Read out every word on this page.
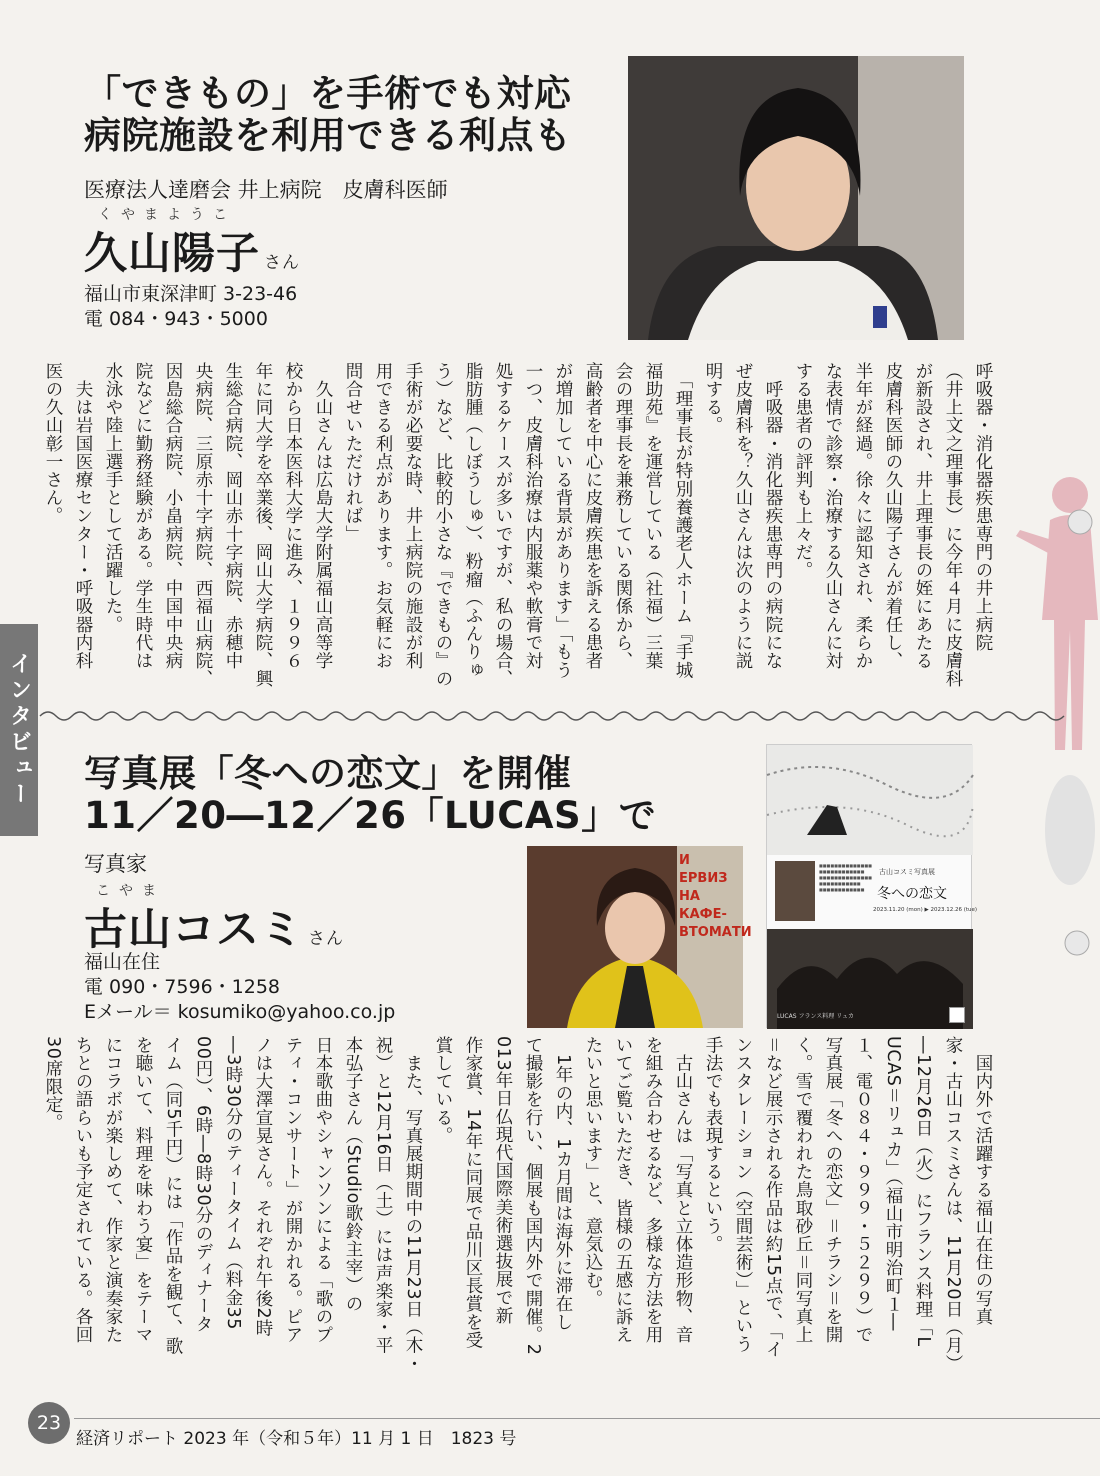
インタビュー
「できもの」を手術でも対応
病院施設を利用できる利点も
医療法人達磨会 井上病院　皮膚科医師
くやまようこ
久山陽子 さん
福山市東深津町 3-23-46
電 084・943・5000
呼吸器・消化器疾患専門の井上病院
（井上文之理事長）に今年４月に皮膚科
が新設され、井上理事長の姪にあたる
皮膚科医師の久山陽子さんが着任し、
半年が経過。徐々に認知され、柔らか
な表情で診察・治療する久山さんに対
する患者の評判も上々だ。
　呼吸器・消化器疾患専門の病院にな
ぜ皮膚科を？久山さんは次のように説
明する。
　「理事長が特別養護老人ホーム『手城
福助苑』を運営している（社福）三葉
会の理事長を兼務している関係から、
高齢者を中心に皮膚疾患を訴える患者
が増加している背景があります」「もう
一つ、皮膚科治療は内服薬や軟膏で対
処するケースが多いですが、私の場合、
脂肪腫（しぼうしゅ）、粉瘤（ふんりゅ
う）など、比較的小さな『できもの』の
手術が必要な時、井上病院の施設が利
用できる利点があります。お気軽にお
問合せいただければ」
　久山さんは広島大学附属福山高等学
校から日本医科大学に進み、１９９６
年に同大学を卒業後、岡山大学病院、興
生総合病院、岡山赤十字病院、赤穂中
央病院、三原赤十字病院、西福山病院、
因島総合病院、小畠病院、中国中央病
院などに勤務経験がある。学生時代は
水泳や陸上選手として活躍した。
　夫は岩国医療センター・呼吸器内科
医の久山彰一さん。
写真展「冬への恋文」を開催
11／20―12／26「LUCAS」で
写真家
こやま
古山コスミ さん
福山在住
電 090・7596・1258
Eメール＝ kosumiko@yahoo.co.jp
И
ЕРВИЗ
НА
КАФЕ-
ВТОМАТИ
■■■■■■■■■■■■■■ ■■■■■■■■■■■■ ■■■■■■■■■■■■■■ ■■■■■■■■■■■ ■■■■■■■■■■■■
古山コスミ写真展
冬への恋文
2023.11.20 (mon) ▶ 2023.12.26 (tue)
LUCAS フランス料理 リュカ
　国内外で活躍する福山在住の写真
家・古山コスミさんは、11月20日（月）
―12月26日（火）にフランス料理「L
UCAS＝リュカ」（福山市明治町１―
１、電０８４・９９９・５２９９）で
写真展「冬への恋文」＝チラシ＝を開
く。雪で覆われた鳥取砂丘＝同写真上
＝など展示される作品は約15点で、「イ
ンスタレーション（空間芸術）」という
手法でも表現するという。
　古山さんは「写真と立体造形物、音
を組み合わせるなど、多様な方法を用
いてご覧いただき、皆様の五感に訴え
たいと思います」と、意気込む。
　1年の内、1カ月間は海外に滞在し
て撮影を行い、個展も国内外で開催。2
013年日仏現代国際美術選抜展で新
作家賞、14年に同展で品川区長賞を受
賞している。
　また、写真展期間中の11月23日（木・
祝）と12月16日（土）には声楽家・平
本弘子さん（Studio歌鈴主宰）の
日本歌曲やシャンソンによる「歌のプ
ティ・コンサート」が開かれる。ピア
ノは大澤宣晃さん。それぞれ午後2時
―3時30分のティータイム（料金35
00円）、6時―8時30分のディナータ
イム（同5千円）には「作品を観て、歌
を聴いて、料理を味わう宴」をテーマ
にコラボが楽しめて、作家と演奏家た
ちとの語らいも予定されている。各回
30席限定。
23
経済リポート 2023 年（令和５年）11 月 1 日　1823 号
